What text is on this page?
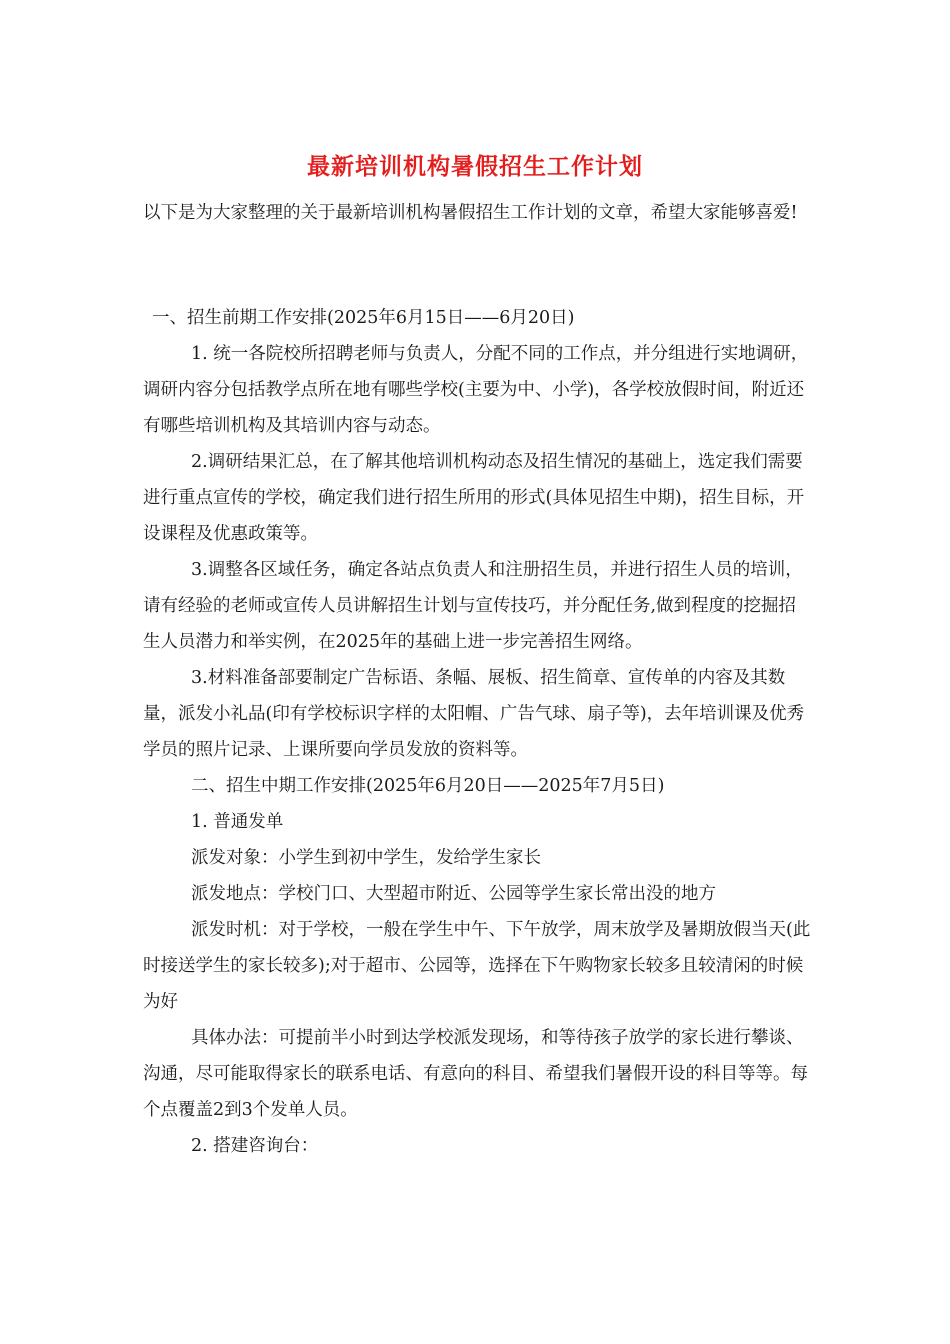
最新培训机构暑假招生工作计划

以下是为大家整理的关于最新培训机构暑假招生工作计划的文章，希望大家能够喜爱!

一、招生前期工作安排(2025年6月15日——6月20日)

1. 统一各院校所招聘老师与负责人，分配不同的工作点，并分组进行实地调研，调研内容分包括教学点所在地有哪些学校(主要为中、小学)，各学校放假时间，附近还有哪些培训机构及其培训内容与动态。

2.调研结果汇总，在了解其他培训机构动态及招生情况的基础上，选定我们需要进行重点宣传的学校，确定我们进行招生所用的形式(具体见招生中期)，招生目标，开设课程及优惠政策等。

3.调整各区域任务，确定各站点负责人和注册招生员，并进行招生人员的培训，请有经验的老师或宣传人员讲解招生计划与宣传技巧，并分配任务,做到程度的挖掘招生人员潜力和举实例，在2025年的基础上进一步完善招生网络。

3.材料准备部要制定广告标语、条幅、展板、招生简章、宣传单的内容及其数量，派发小礼品(印有学校标识字样的太阳帽、广告气球、扇子等)，去年培训课及优秀学员的照片记录、上课所要向学员发放的资料等。

二、招生中期工作安排(2025年6月20日——2025年7月5日)

1. 普通发单

派发对象：小学生到初中学生，发给学生家长

派发地点：学校门口、大型超市附近、公园等学生家长常出没的地方

派发时机：对于学校，一般在学生中午、下午放学，周末放学及暑期放假当天(此时接送学生的家长较多);对于超市、公园等，选择在下午购物家长较多且较清闲的时候为好

具体办法：可提前半小时到达学校派发现场，和等待孩子放学的家长进行攀谈、沟通，尽可能取得家长的联系电话、有意向的科目、希望我们暑假开设的科目等等。每个点覆盖2到3个发单人员。

2. 搭建咨询台：
